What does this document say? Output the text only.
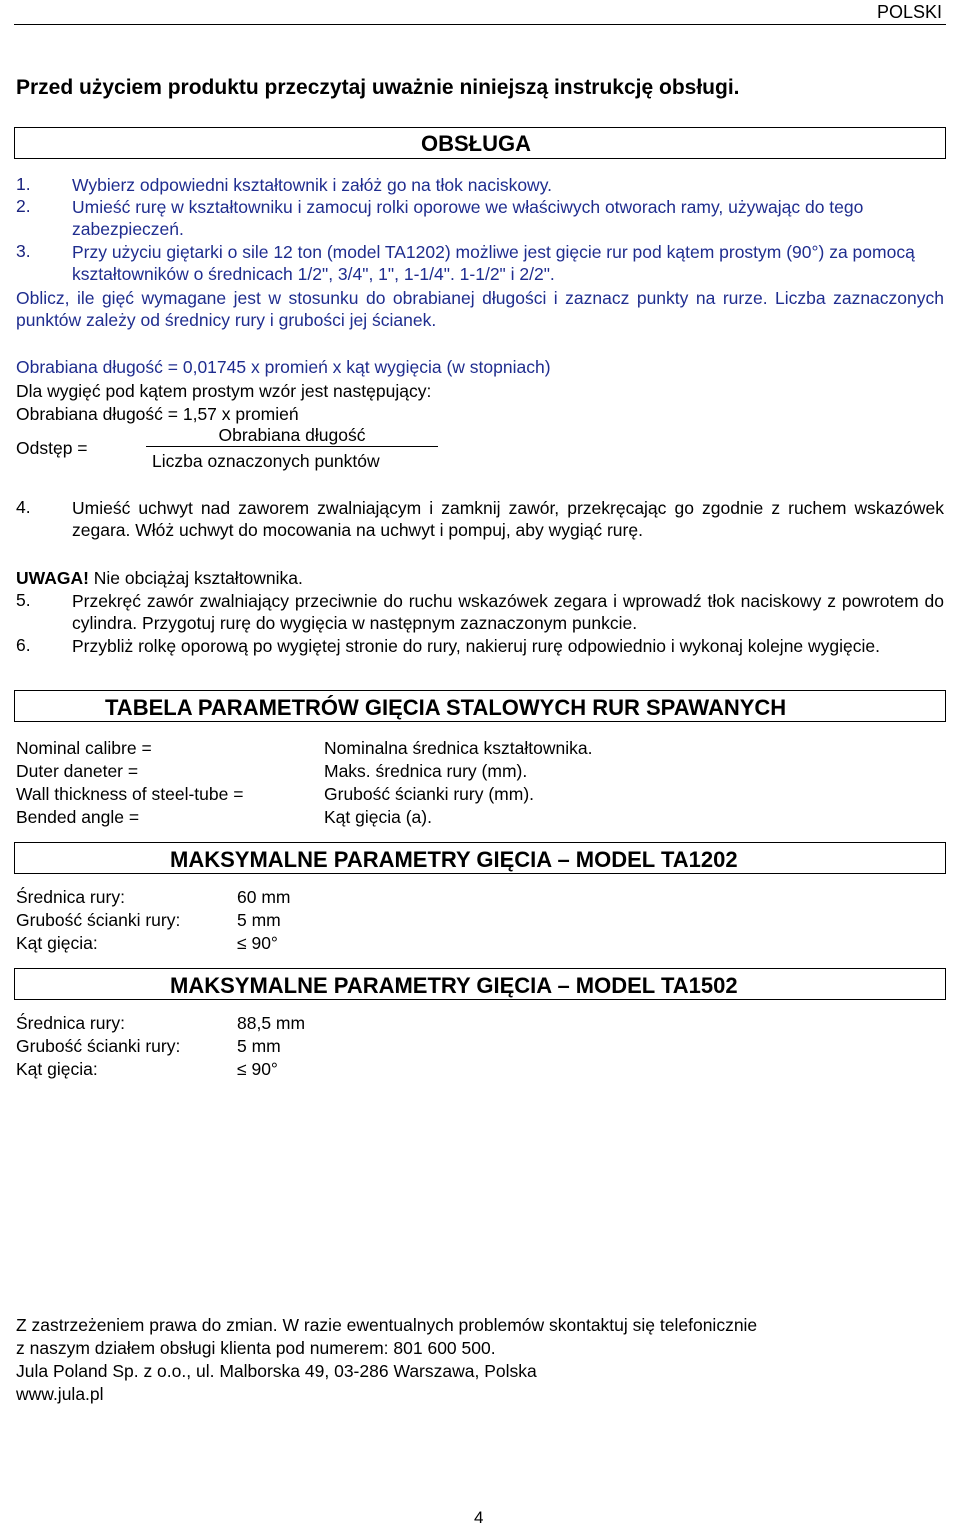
POLSKI
Przed użyciem produktu przeczytaj uważnie niniejszą instrukcję obsługi.
OBSŁUGA
1. Wybierz odpowiedni kształtownik i załóż go na tłok naciskowy.
2. Umieść rurę w kształtowniku i zamocuj rolki oporowe we właściwych otworach ramy, używając do tego zabezpieczeń.
3. Przy użyciu giętarki o sile 12 ton (model TA1202) możliwe jest gięcie rur pod kątem prostym (90°) za pomocą kształtowników o średnicach 1/2", 3/4", 1", 1-1/4". 1-1/2" i 2/2".
Oblicz, ile gięć wymagane jest w stosunku do obrabianej długości i zaznacz punkty na rurze. Liczba zaznaczonych punktów zależy od średnicy rury i grubości jej ścianek.
Obrabiana długość = 0,01745 x promień x kąt wygięcia (w stopniach)
Dla wygięć pod kątem prostym wzór jest następujący:
Obrabiana długość = 1,57 x promień
Odstęp =
Obrabiana długość
Liczba oznaczonych punktów
4. Umieść uchwyt nad zaworem zwalniającym i zamknij zawór, przekręcając go zgodnie z ruchem wskazówek zegara. Włóż uchwyt do mocowania na uchwyt i pompuj, aby wygiąć rurę.
UWAGA! Nie obciążaj kształtownika.
5. Przekręć zawór zwalniający przeciwnie do ruchu wskazówek zegara i wprowadź tłok naciskowy z powrotem do cylindra. Przygotuj rurę do wygięcia w następnym zaznaczonym punkcie.
6. Przybliż rolkę oporową po wygiętej stronie do rury, nakieruj rurę odpowiednio i wykonaj kolejne wygięcie.
TABELA PARAMETRÓW GIĘCIA STALOWYCH RUR SPAWANYCH
Nominal calibre =	Nominalna średnica kształtownika.
Duter daneter =	Maks. średnica rury (mm).
Wall thickness of steel-tube =	Grubość ścianki rury (mm).
Bended angle =	Kąt gięcia (a).
MAKSYMALNE PARAMETRY GIĘCIA – MODEL TA1202
Średnica rury:	60 mm
Grubość ścianki rury:	5 mm
Kąt gięcia:	≤ 90°
MAKSYMALNE PARAMETRY GIĘCIA – MODEL TA1502
Średnica rury:	88,5 mm
Grubość ścianki rury:	5 mm
Kąt gięcia:	≤ 90°
Z zastrzeżeniem prawa do zmian. W razie ewentualnych problemów skontaktuj się telefonicznie
z naszym działem obsługi klienta pod numerem: 801 600 500.
Jula Poland Sp. z o.o., ul. Malborska 49, 03-286 Warszawa, Polska
www.jula.pl
4
